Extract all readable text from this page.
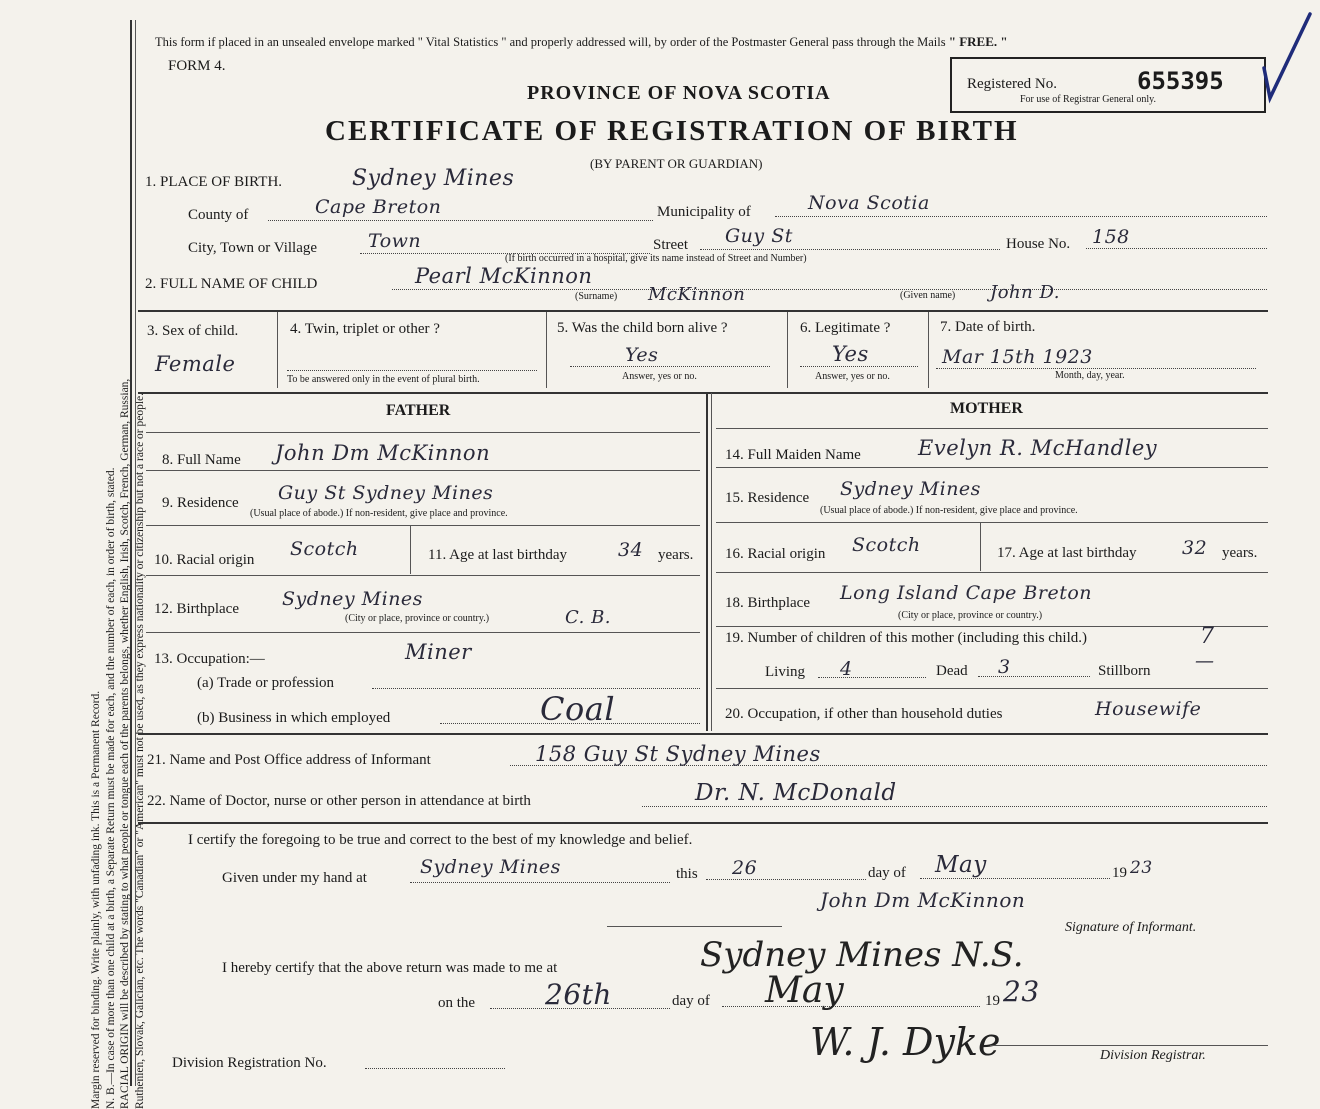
Margin reserved for binding. Write plainly, with unfading ink. This is a Permanent Record. N. B.—In case of more than one child at a birth, a Separate Return must be made for each, and the number of each, in order of birth, stated. RACIAL ORIGIN will be described by stating to what people or tongue each of the parents belongs, whether English, Irish, Scotch, French, German, Russian, Ruthenien, Slovak, Galician, etc. The words "Canadian" or "American" must not be used, as they express nationality or citizenship but not a race or people.
This form if placed in an unsealed envelope marked " Vital Statistics " and properly addressed will, by order of the Postmaster General pass through the Mails " FREE. "
FORM 4.
PROVINCE OF NOVA SCOTIA
CERTIFICATE OF REGISTRATION OF BIRTH
(BY PARENT OR GUARDIAN)
Registered No.	655395
For use of Registrar General only.
1. PLACE OF BIRTH.	Sydney Mines
County of	Cape Breton	Municipality of	Nova Scotia
City, Town or Village	Town	Street Guy St	House No. 158
(If birth occurred in a hospital, give its name instead of Street and Number)
2. FULL NAME OF CHILD	Pearl McKinnon
(Surname) McKinnon	(Given name) John D.
3. Sex of child.
Female
4. Twin, triplet or other ?
To be answered only in the event of plural birth.
5. Was the child born alive ?
Yes
Answer, yes or no.
6. Legitimate ?
Yes
Answer, yes or no.
7. Date of birth.
Mar 15th 1923
Month, day, year.
FATHER
8. Full Name John Dm McKinnon
9. Residence Guy St Sydney Mines
(Usual place of abode.) If non-resident, give place and province.
10. Racial origin Scotch	11. Age at last birthday	34 years.
12. Birthplace Sydney Mines
C. B.
(City or place, province or country.)
13. Occupation:—	Miner
(a) Trade or profession
(b) Business in which employed	Coal
MOTHER
14. Full Maiden Name	Evelyn R. McHandley
15. Residence Sydney Mines
(Usual place of abode.) If non-resident, give place and province.
16. Racial origin Scotch	17. Age at last birthday 32 years.
18. Birthplace Long Island Cape Breton
(City or place, province or country.)
19. Number of children of this mother (including this child.)	7
Living 4	Dead 3	Stillborn —
20. Occupation, if other than household duties	Housewife
21. Name and Post Office address of Informant	158 Guy St Sydney Mines
22. Name of Doctor, nurse or other person in attendance at birth	Dr. N. McDonald
I certify the foregoing to be true and correct to the best of my knowledge and belief.
Given under my hand at	Sydney Mines	this 26	day of May	19 23
John Dm McKinnon
Signature of Informant.
I hereby certify that the above return was made to me at	Sydney Mines N.S.
on the 26th	day of May	19 23
W. J. Dyke
Division Registration No.	Division Registrar.
